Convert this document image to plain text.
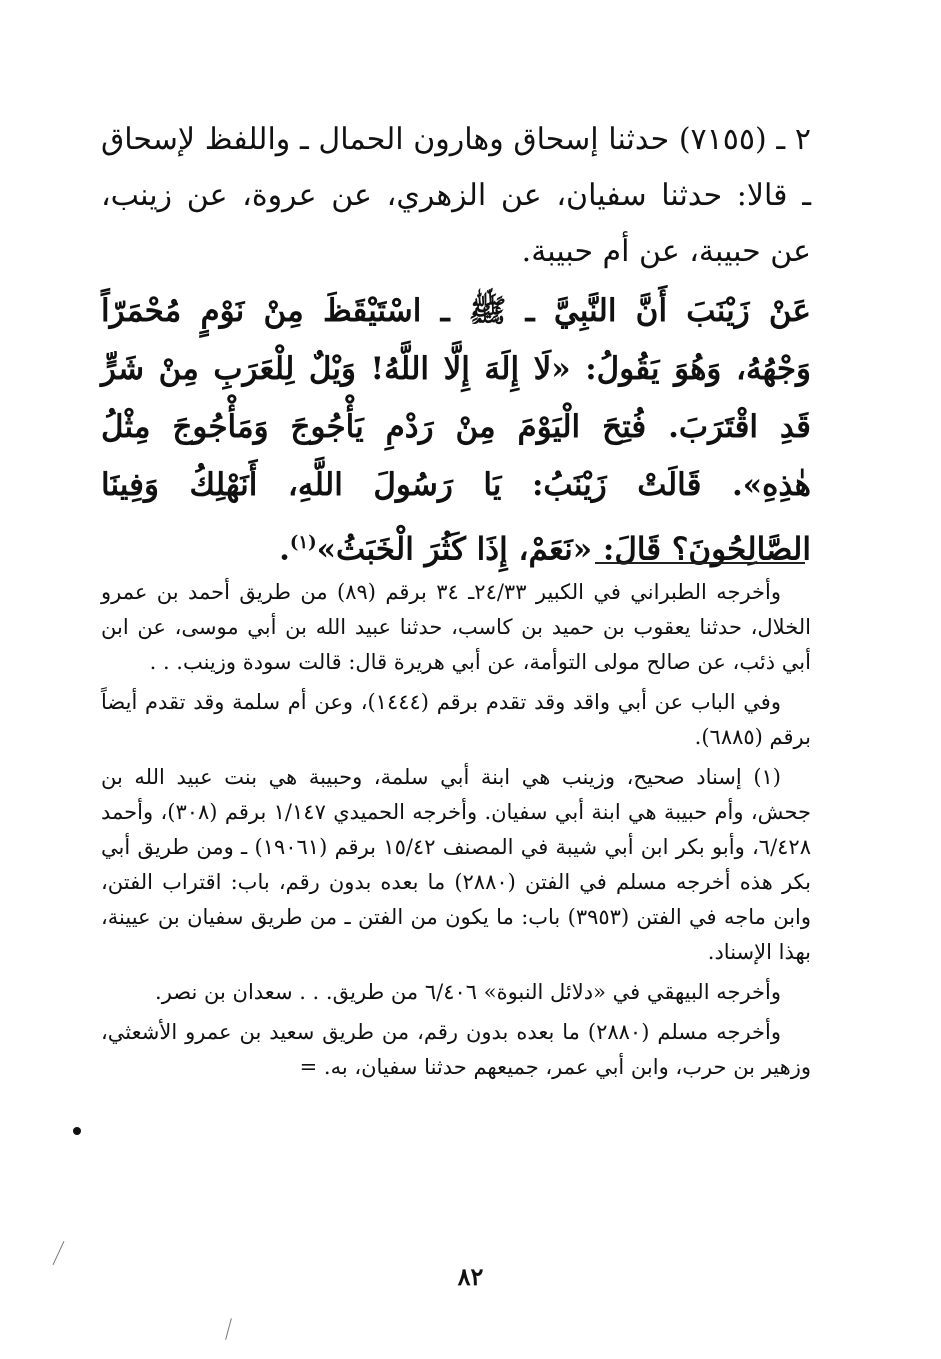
٢ ـ (٧١٥٥) حدثنا إسحاق وهارون الحمال ـ واللفظ لإسحاق ـ قالا: حدثنا سفيان، عن الزهري، عن عروة، عن زينب، عن حبيبة، عن أم حبيبة.
عَنْ زَيْنَبَ أَنَّ النَّبِيَّ ـ ﷺ ـ اسْتَيْقَظَ مِنْ نَوْمٍ مُحْمَرّاً وَجْهُهُ، وَهُوَ يَقُولُ: «لَا إِلَهَ إِلَّا اللَّهُ! وَيْلٌ لِلْعَرَبِ مِنْ شَرٍّ قَدِ اقْتَرَبَ. فُتِحَ الْيَوْمَ مِنْ رَدْمِ يَأْجُوجَ وَمَأْجُوجَ مِثْلُ هٰذِهِ». قَالَتْ زَيْنَبُ: يَا رَسُولَ اللَّهِ، أَنَهْلِكُ وَفِينَا الصَّالِحُونَ؟ قَالَ: «نَعَمْ، إِذَا كَثُرَ الْخَبَثُ»$^{(١)}$.

وأخرجه الطبراني في الكبير ٢٤/٣٣ـ ٣٤ برقم (٨٩) من طريق أحمد بن عمرو الخلال، حدثنا يعقوب بن حميد بن كاسب، حدثنا عبيد الله بن أبي موسى، عن ابن أبي ذئب، عن صالح مولى التوأمة، عن أبي هريرة قال: قالت سودة وزينب. . .

وفي الباب عن أبي واقد وقد تقدم برقم (١٤٤٤)، وعن أم سلمة وقد تقدم أيضاً برقم (٦٨٨٥).

(١) إسناد صحيح، وزينب هي ابنة أبي سلمة، وحبيبة هي بنت عبيد الله بن جحش، وأم حبيبة هي ابنة أبي سفيان. وأخرجه الحميدي ١/١٤٧ برقم (٣٠٨)، وأحمد ٦/٤٢٨، وأبو بكر ابن أبي شيبة في المصنف ١٥/٤٢ برقم (١٩٠٦١) ـ ومن طريق أبي بكر هذه أخرجه مسلم في الفتن (٢٨٨٠) ما بعده بدون رقم، باب: اقتراب الفتن، وابن ماجه في الفتن (٣٩٥٣) باب: ما يكون من الفتن ـ من طريق سفيان بن عيينة، بهذا الإسناد.

وأخرجه البيهقي في «دلائل النبوة» ٦/٤٠٦ من طريق. . . سعدان بن نصر.

وأخرجه مسلم (٢٨٨٠) ما بعده بدون رقم، من طريق سعيد بن عمرو الأشعثي، وزهير بن حرب، وابن أبي عمر، جميعهم حدثنا سفيان، به. =

٨٢
